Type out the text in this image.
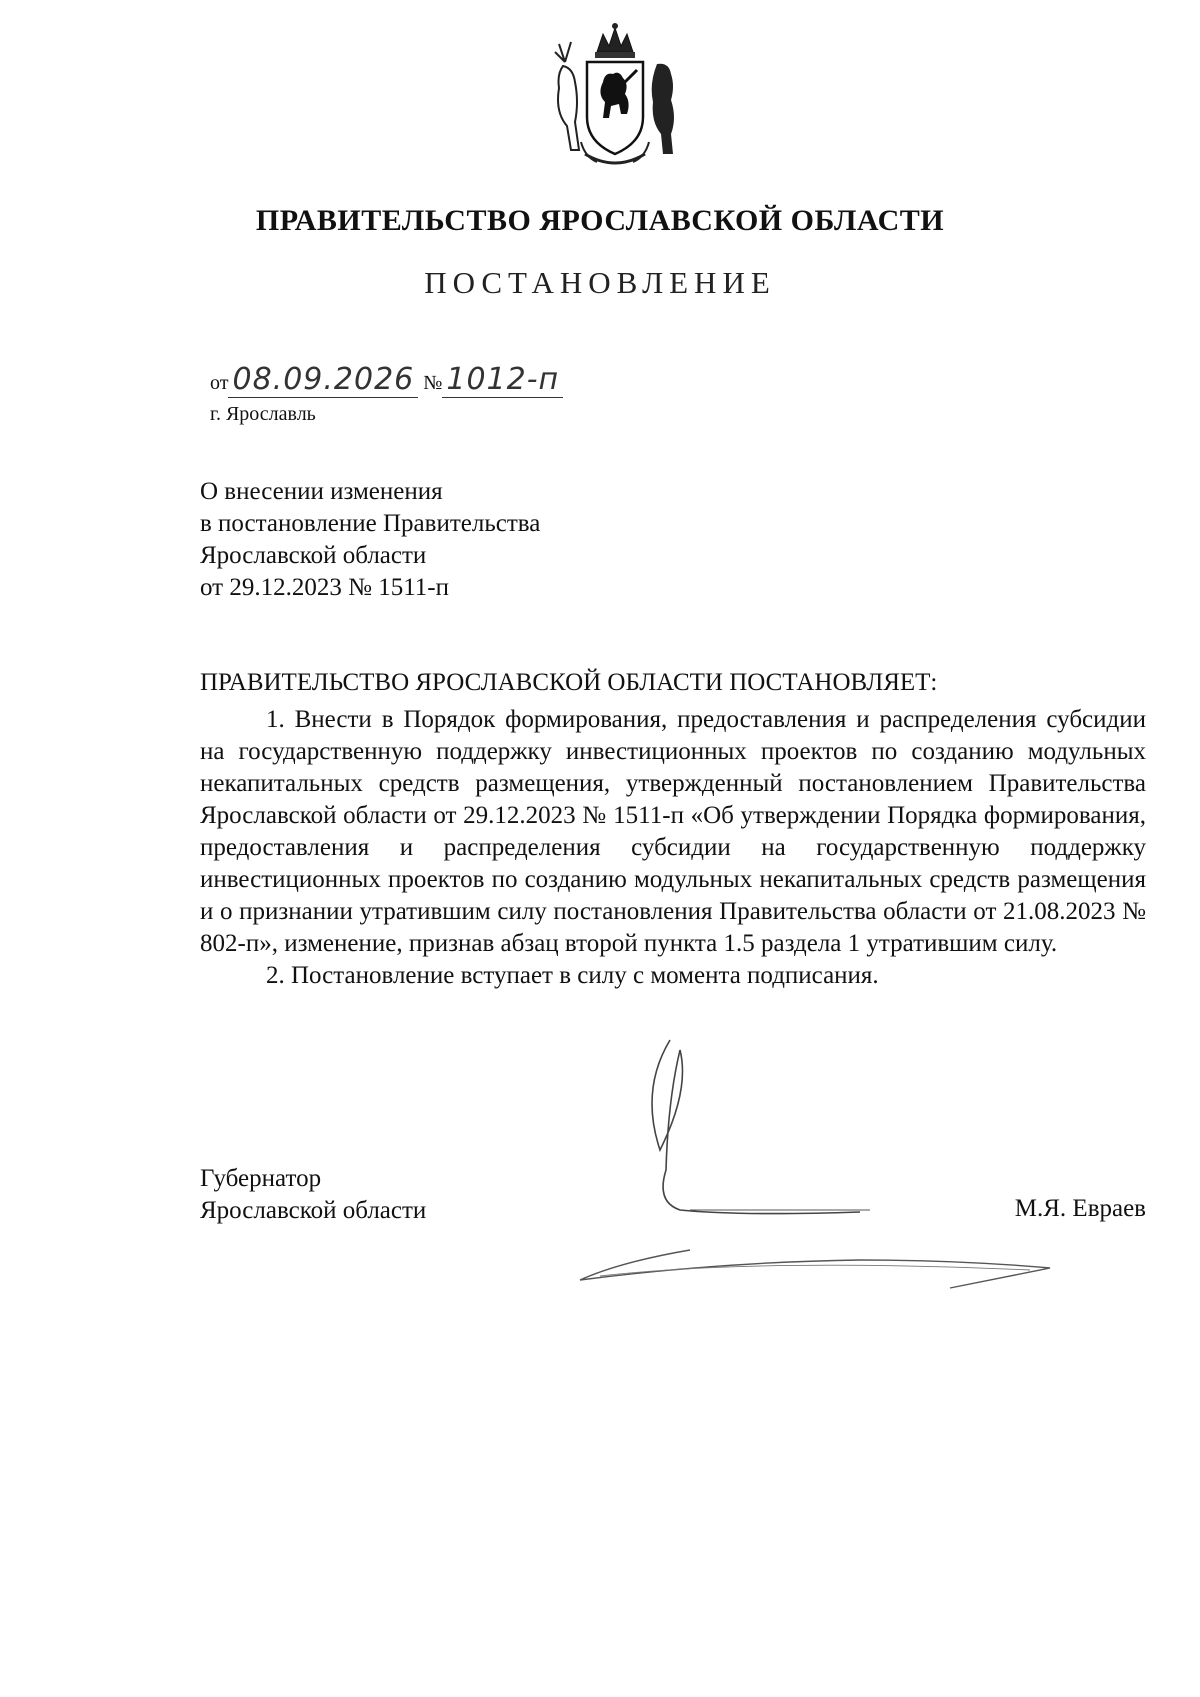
ПРАВИТЕЛЬСТВО ЯРОСЛАВСКОЙ ОБЛАСТИ
ПОСТАНОВЛЕНИЕ
от 08.09.2026 № 1012-п
г. Ярославль
О внесении изменения
в постановление Правительства
Ярославской области
от 29.12.2023 № 1511-п
ПРАВИТЕЛЬСТВО ЯРОСЛАВСКОЙ ОБЛАСТИ ПОСТАНОВЛЯЕТ:

1. Внести в Порядок формирования, предоставления и распределения субсидии на государственную поддержку инвестиционных проектов по созданию модульных некапитальных средств размещения, утвержденный постановлением Правительства Ярославской области от 29.12.2023 № 1511-п «Об утверждении Порядка формирования, предоставления и распределения субсидии на государственную поддержку инвестиционных проектов по созданию модульных некапитальных средств размещения и о признании утратившим силу постановления Правительства области от 21.08.2023 № 802-п», изменение, признав абзац второй пункта 1.5 раздела 1 утратившим силу.

2. Постановление вступает в силу с момента подписания.

Губернатор
Ярославской области	М.Я. Евраев
